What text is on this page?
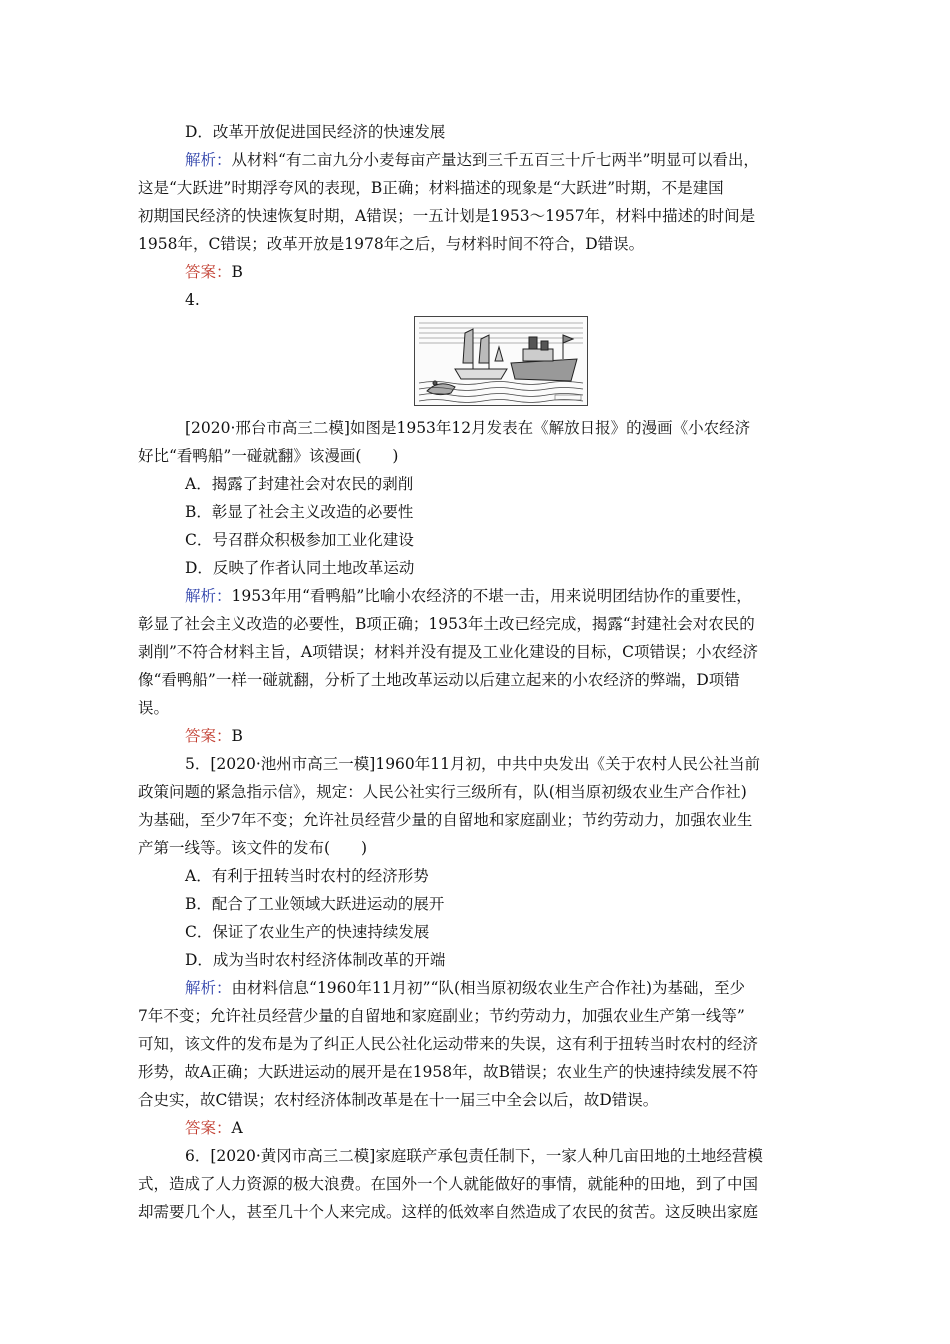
D．改革开放促进国民经济的快速发展
解析：从材料“有二亩九分小麦每亩产量达到三千五百三十斤七两半”明显可以看出，
这是“大跃进”时期浮夸风的表现，B正确；材料描述的现象是“大跃进”时期，不是建国
初期国民经济的快速恢复时期，A错误；一五计划是1953～1957年，材料中描述的时间是
1958年，C错误；改革开放是1978年之后，与材料时间不符合，D错误。
答案：B
4.
[2020·邢台市高三二模]如图是1953年12月发表在《解放日报》的漫画《小农经济
好比“看鸭船”一碰就翻》该漫画(　　)
A．揭露了封建社会对农民的剥削
B．彰显了社会主义改造的必要性
C．号召群众积极参加工业化建设
D．反映了作者认同土地改革运动
解析：1953年用“看鸭船”比喻小农经济的不堪一击，用来说明团结协作的重要性，
彰显了社会主义改造的必要性，B项正确；1953年土改已经完成，揭露“封建社会对农民的
剥削”不符合材料主旨，A项错误；材料并没有提及工业化建设的目标，C项错误；小农经济
像“看鸭船”一样一碰就翻，分析了土地改革运动以后建立起来的小农经济的弊端，D项错
误。
答案：B
5．[2020·池州市高三一模]1960年11月初，中共中央发出《关于农村人民公社当前
政策问题的紧急指示信》，规定：人民公社实行三级所有，队(相当原初级农业生产合作社)
为基础，至少7年不变；允许社员经营少量的自留地和家庭副业；节约劳动力，加强农业生
产第一线等。该文件的发布(　　)
A．有利于扭转当时农村的经济形势
B．配合了工业领域大跃进运动的展开
C．保证了农业生产的快速持续发展
D．成为当时农村经济体制改革的开端
解析：由材料信息“1960年11月初”“队(相当原初级农业生产合作社)为基础，至少
7年不变；允许社员经营少量的自留地和家庭副业；节约劳动力，加强农业生产第一线等”
可知，该文件的发布是为了纠正人民公社化运动带来的失误，这有利于扭转当时农村的经济
形势，故A正确；大跃进运动的展开是在1958年，故B错误；农业生产的快速持续发展不符
合史实，故C错误；农村经济体制改革是在十一届三中全会以后，故D错误。
答案：A
6．[2020·黄冈市高三二模]家庭联产承包责任制下，一家人种几亩田地的土地经营模
式，造成了人力资源的极大浪费。在国外一个人就能做好的事情，就能种的田地，到了中国
却需要几个人，甚至几十个人来完成。这样的低效率自然造成了农民的贫苦。这反映出家庭
